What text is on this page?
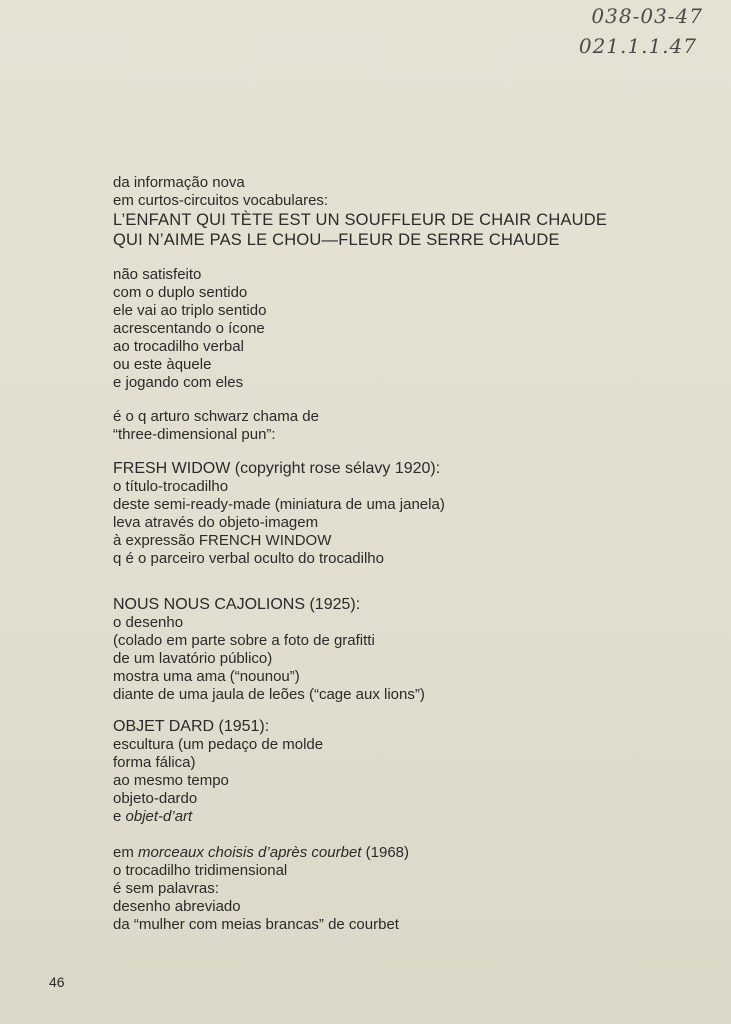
038-03-47
021.1.1.47
da informação nova
em curtos-circuitos vocabulares:
L’ENFANT QUI TÈTE EST UN SOUFFLEUR DE CHAIR CHAUDE
QUI N’AIME PAS LE CHOU—FLEUR DE SERRE CHAUDE
não satisfeito
com o duplo sentido
ele vai ao triplo sentido
acrescentando o ícone
ao trocadilho verbal
ou este àquele
e jogando com eles
é o q arturo schwarz chama de
“three-dimensional pun”:
FRESH WIDOW (copyright rose sélavy 1920):
o título-trocadilho
deste semi-ready-made (miniatura de uma janela)
leva através do objeto-imagem
à expressão FRENCH WINDOW
q é o parceiro verbal oculto do trocadilho
NOUS NOUS CAJOLIONS (1925):
o desenho
(colado em parte sobre a foto de grafitti
de um lavatório público)
mostra uma ama (“nounou”)
diante de uma jaula de leões (“cage aux lions”)
OBJET DARD (1951):
escultura (um pedaço de molde
forma fálica)
ao mesmo tempo
objeto-dardo
e objet-d’art
em morceaux choisis d’après courbet (1968)
o trocadilho tridimensional
é sem palavras:
desenho abreviado
da “mulher com meias brancas” de courbet
46
